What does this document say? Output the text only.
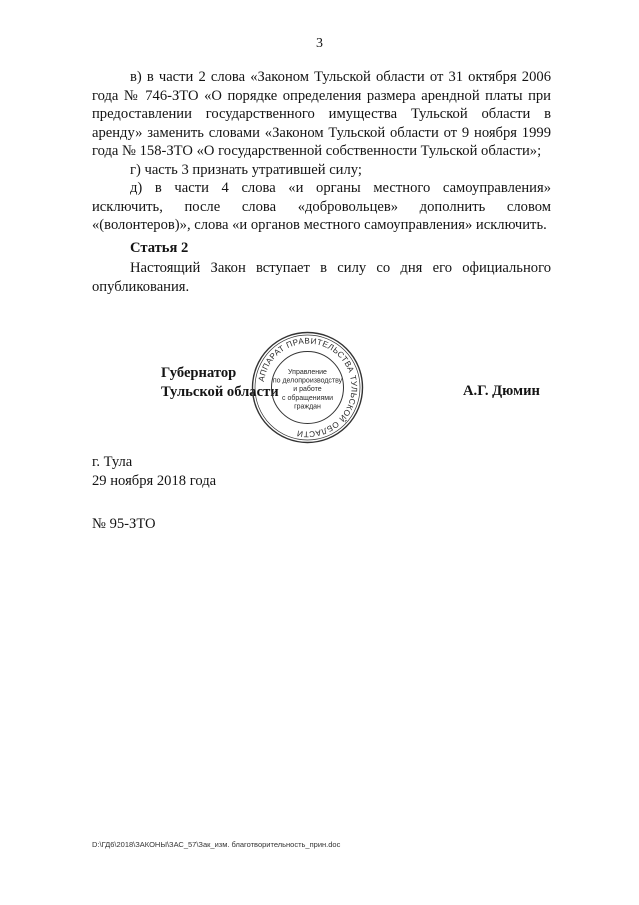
3
в) в части 2 слова «Законом Тульской области от 31 октября 2006 года № 746-ЗТО «О порядке определения размера арендной платы при предоставлении государственного имущества Тульской области в аренду» заменить словами «Законом Тульской области от 9 ноября 1999 года № 158-ЗТО «О государственной собственности Тульской области»;
г) часть 3 признать утратившей силу;
д) в части 4 слова «и органы местного самоуправления» исключить, после слова «добровольцев» дополнить словом «(волонтеров)», слова «и органов местного самоуправления» исключить.
Статья 2
Настоящий Закон вступает в силу со дня его официального
опубликования.
Губернатор
Тульской области	А.Г. Дюмин
АППАРАТ ПРАВИТЕЛЬСТВА ТУЛЬСКОЙ ОБЛАСТИ
Управление
по делопроизводству
и работе
с обращениями
граждан
г. Тула
29 ноября 2018 года
№ 95-ЗТО
D:\ГД6\2018\ЗАКОНЫ\ЗАС_57\Зак_изм. благотворительность_прин.doc
